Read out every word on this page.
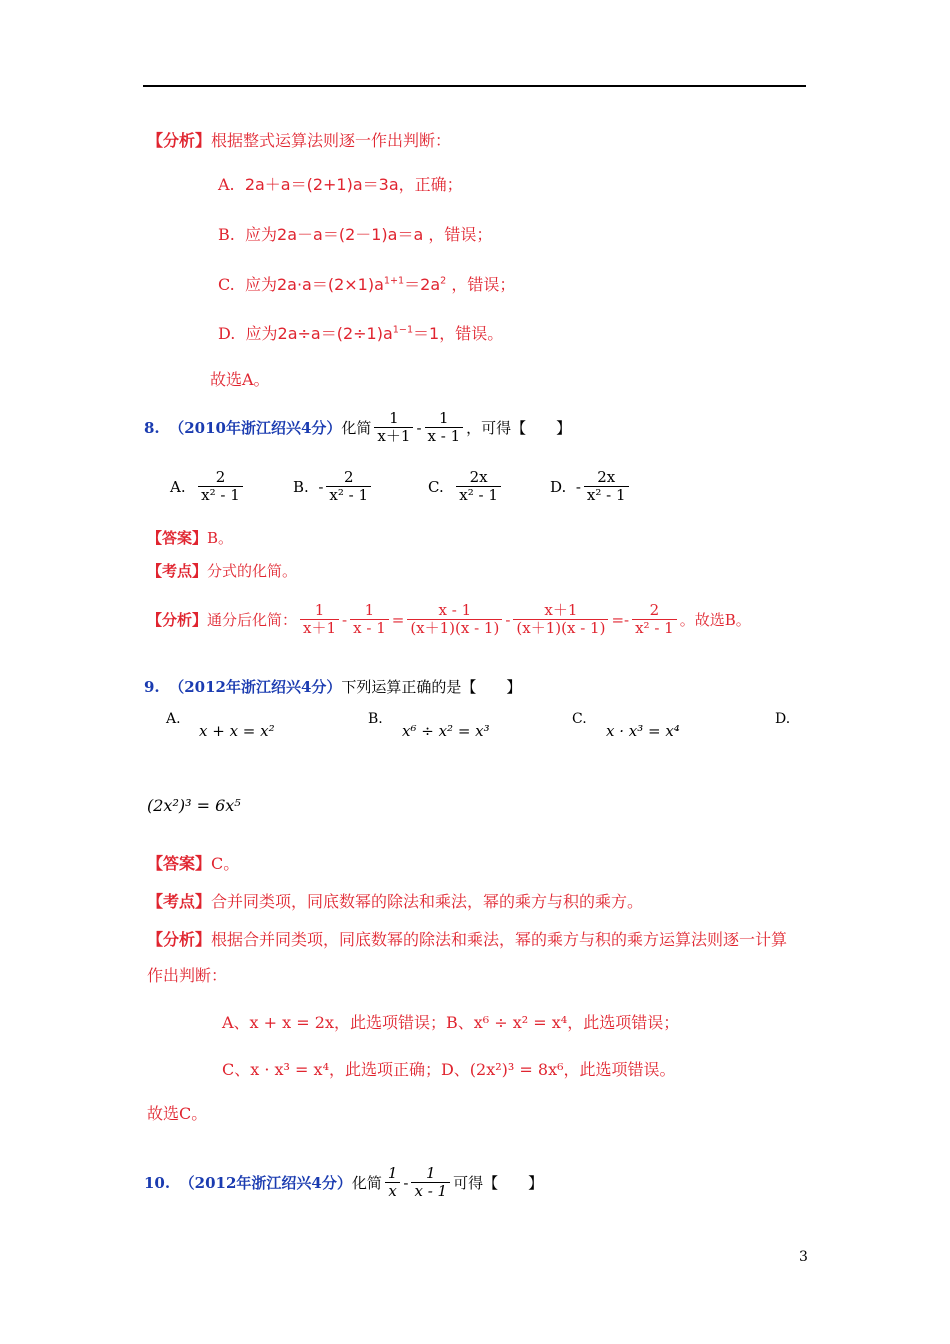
【分析】根据整式运算法则逐一作出判断：
A. 2a＋a＝(2+1)a＝3a，正确；
B. 应为2a－a＝(2－1)a＝a ，错误；
C. 应为$2a\cdot a=(2\times 1)a^{1+1}=2a^2$ ，错误；
D. 应为$2a\div a=(2\div 1)a^{1-1}=1$，错误。
故选A。
8.
（2010年浙江绍兴4分） 化简 $\frac{1}{x+1} - \frac{1}{x - 1}$ ，可得【　　】
A.
$\frac{2}{\text{x² - 1}}$	B.
- $\frac{2}{\text{x² - 1}}$	C.
$\frac{2x}{\text{x² - 1}}$	D.
- $\frac{2x}{\text{x² - 1}}$
【答案】B。
【考点】分式的化简。
【分析】 通分后化简： $\frac{1}{x+1} - \frac{1}{x - 1} = \frac{x - 1}{(x+1)(x - 1)} - \frac{x+1}{(x+1)(x - 1)} =- \frac{2}{\text{x² - 1}}$ 。故选B。
9. （2012年浙江绍兴4分）下列运算正确的是【　　】
A.
x + x = x²
B.
x⁶ ÷ x² = x³
C.
x · x³ = x⁴
D.
(2x²)³ = 6x⁵
【答案】C。
【考点】合并同类项，同底数幂的除法和乘法，幂的乘方与积的乘方。
【分析】根据合并同类项，同底数幂的除法和乘法，幂的乘方与积的乘方运算法则逐一计算
作出判断：
A、x + x = 2x，此选项错误；B、x⁶ ÷ x² = x⁴，此选项错误；
C、x · x³ = x⁴，此选项正确；D、(2x²)³ = 8x⁶，此选项错误。
故选C。
10.
（2012年浙江绍兴4分） 化简 $\frac{1}{x} - \frac{1}{x - 1}$ 可得【　　】
3
